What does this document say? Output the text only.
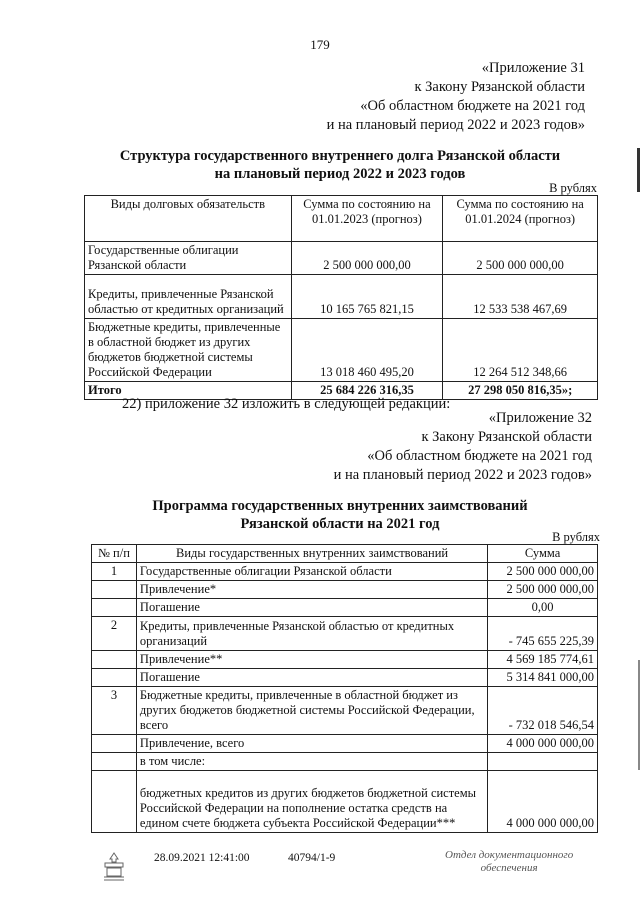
179
«Приложение 31
к Закону Рязанской области
«Об областном бюджете на 2021 год
и на плановый период 2022 и 2023 годов»
Структура государственного внутреннего долга Рязанской области
на плановый период 2022 и 2023 годов
В рублях
Виды долговых обязательств	Сумма по состоянию на 01.01.2023 (прогноз)	Сумма по состоянию на 01.01.2024 (прогноз)
Государственные облигации Рязанской области	2 500 000 000,00	2 500 000 000,00
Кредиты, привлеченные Рязанской областью от кредитных организаций	10 165 765 821,15	12 533 538 467,69
Бюджетные кредиты, привлеченные в областной бюджет из других бюджетов бюджетной системы Российской Федерации	13 018 460 495,20	12 264 512 348,66
Итого	25 684 226 316,35	27 298 050 816,35»;
22) приложение 32 изложить в следующей редакции:
«Приложение 32
к Закону Рязанской области
«Об областном бюджете на 2021 год
и на плановый период 2022 и 2023 годов»
Программа государственных внутренних заимствований
Рязанской области на 2021 год
В рублях
№ п/п	Виды государственных внутренних заимствований	Сумма
1	Государственные облигации Рязанской области	2 500 000 000,00
	Привлечение*	2 500 000 000,00
	Погашение	0,00
2	Кредиты, привлеченные Рязанской областью от кредитных организаций	- 745 655 225,39
	Привлечение**	4 569 185 774,61
	Погашение	5 314 841 000,00
3	Бюджетные кредиты, привлеченные в областной бюджет из других бюджетов бюджетной системы Российской Федерации, всего	- 732 018 546,54
	Привлечение, всего	4 000 000 000,00
	в том числе:	
	бюджетных кредитов из других бюджетов бюджетной системы Российской Федерации на пополнение остатка средств на едином счете бюджета субъекта Российской Федерации***	4 000 000 000,00
28.09.2021 12:41:00	40794/1-9	Отдел документационного
обеспечения
